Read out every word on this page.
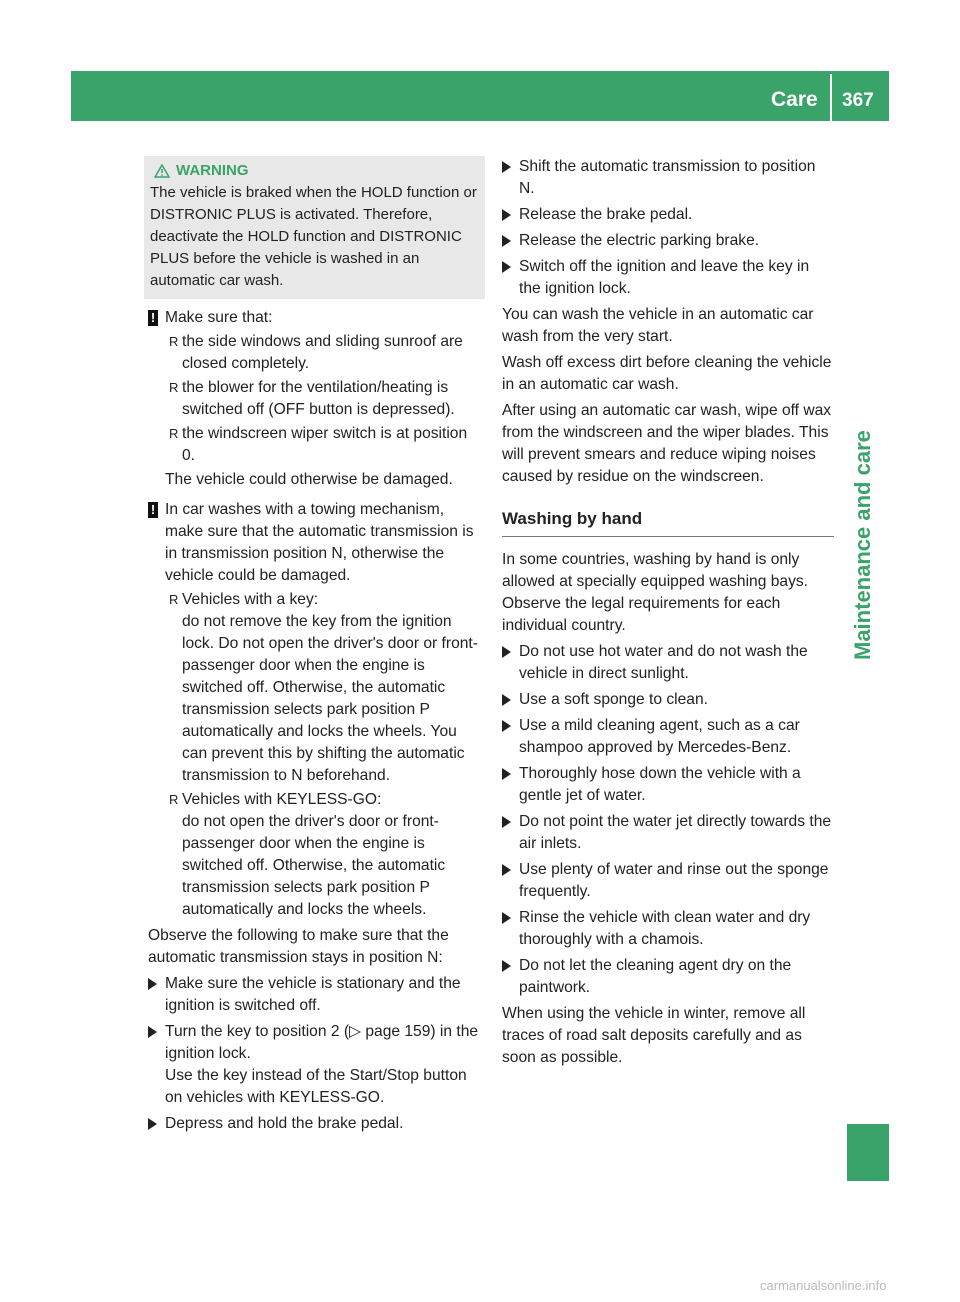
Care 367
Maintenance and care
WARNING

The vehicle is braked when the HOLD function or DISTRONIC PLUS is activated. Therefore, deactivate the HOLD function and DISTRONIC PLUS before the vehicle is washed in an automatic car wash.

! Make sure that:

R the side windows and sliding sunroof are closed completely.
R the blower for the ventilation/heating is switched off (OFF button is depressed).
R the windscreen wiper switch is at position 0.

The vehicle could otherwise be damaged.

! In car washes with a towing mechanism, make sure that the automatic transmission is in transmission position N, otherwise the vehicle could be damaged.

R Vehicles with a key:

do not remove the key from the ignition lock. Do not open the driver's door or front-passenger door when the engine is switched off. Otherwise, the automatic transmission selects park position P automatically and locks the wheels. You can prevent this by shifting the automatic transmission to N beforehand.

R Vehicles with KEYLESS-GO:

do not open the driver's door or front-passenger door when the engine is switched off. Otherwise, the automatic transmission selects park position P automatically and locks the wheels.

Observe the following to make sure that the automatic transmission stays in position N:

Make sure the vehicle is stationary and the ignition is switched off.
Turn the key to position 2 (▷ page 159) in the ignition lock.
Use the key instead of the Start/Stop button on vehicles with KEYLESS-GO.
Depress and hold the brake pedal.
Shift the automatic transmission to position N.
Release the brake pedal.
Release the electric parking brake.
Switch off the ignition and leave the key in the ignition lock.

You can wash the vehicle in an automatic car wash from the very start.

Wash off excess dirt before cleaning the vehicle in an automatic car wash.

After using an automatic car wash, wipe off wax from the windscreen and the wiper blades. This will prevent smears and reduce wiping noises caused by residue on the windscreen.

Washing by hand

In some countries, washing by hand is only allowed at specially equipped washing bays. Observe the legal requirements for each individual country.

Do not use hot water and do not wash the vehicle in direct sunlight.
Use a soft sponge to clean.
Use a mild cleaning agent, such as a car shampoo approved by Mercedes-Benz.
Thoroughly hose down the vehicle with a gentle jet of water.
Do not point the water jet directly towards the air inlets.
Use plenty of water and rinse out the sponge frequently.
Rinse the vehicle with clean water and dry thoroughly with a chamois.
Do not let the cleaning agent dry on the paintwork.

When using the vehicle in winter, remove all traces of road salt deposits carefully and as soon as possible.

carmanualsonline.info
